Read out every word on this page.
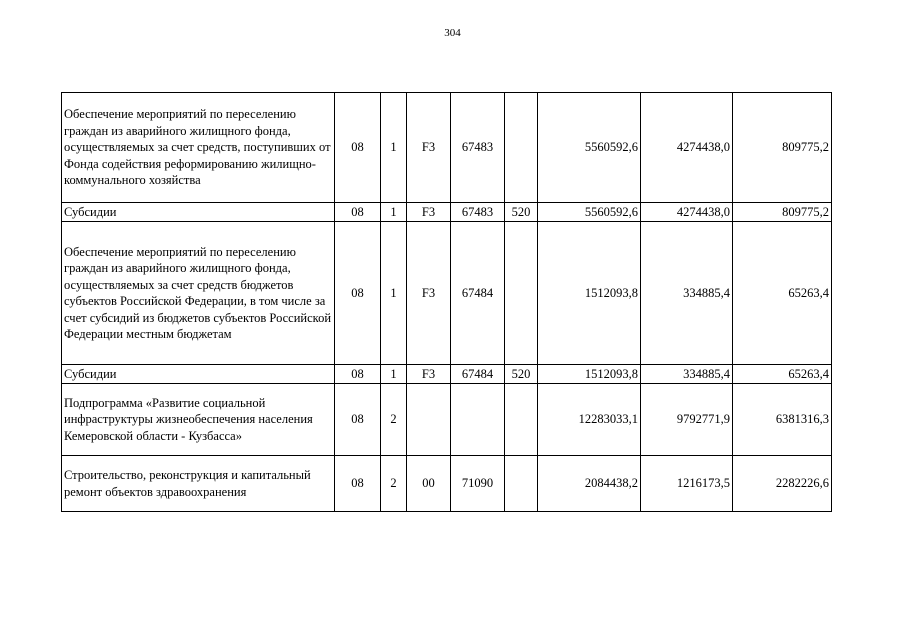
304
Обеспечение мероприятий по переселению граждан из аварийного жилищного фонда, осуществляемых за счет средств, поступивших от Фонда содействия реформированию жилищно-коммунального хозяйства	08	1	F3	67483		5560592,6	4274438,0	809775,2
Субсидии	08	1	F3	67483	520	5560592,6	4274438,0	809775,2
Обеспечение мероприятий по переселению граждан из аварийного жилищного фонда, осуществляемых за счет средств бюджетов субъектов Российской Федерации, в том числе за счет субсидий из бюджетов субъектов Российской Федерации местным бюджетам	08	1	F3	67484		1512093,8	334885,4	65263,4
Субсидии	08	1	F3	67484	520	1512093,8	334885,4	65263,4
Подпрограмма «Развитие социальной инфраструктуры жизнеобеспечения населения Кемеровской области - Кузбасса»	08	2				12283033,1	9792771,9	6381316,3
Строительство, реконструкция и капитальный ремонт объектов здравоохранения	08	2	00	71090		2084438,2	1216173,5	2282226,6
